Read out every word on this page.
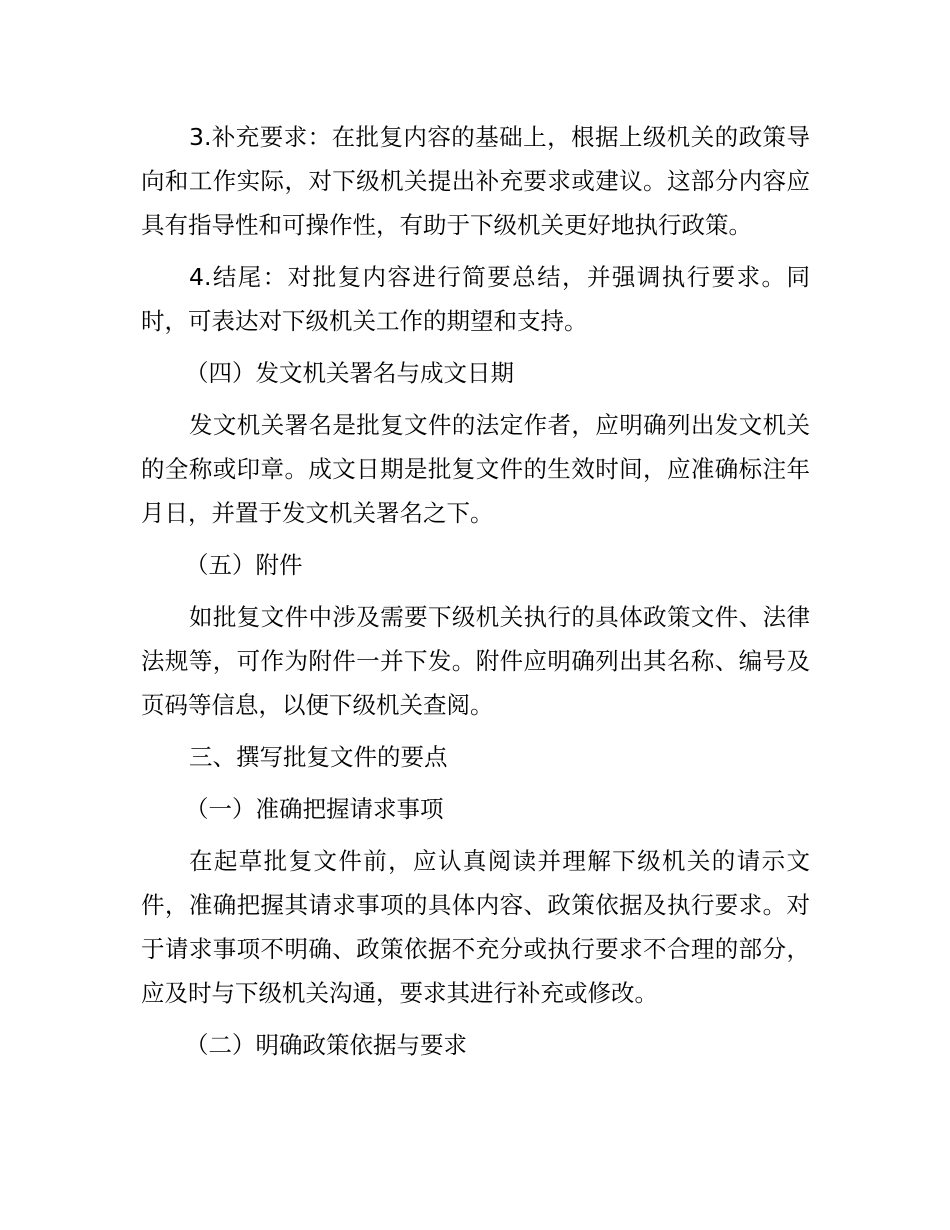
3.补充要求：在批复内容的基础上，根据上级机关的政策导向和工作实际，对下级机关提出补充要求或建议。这部分内容应具有指导性和可操作性，有助于下级机关更好地执行政策。

4.结尾：对批复内容进行简要总结，并强调执行要求。同时，可表达对下级机关工作的期望和支持。

（四）发文机关署名与成文日期

发文机关署名是批复文件的法定作者，应明确列出发文机关的全称或印章。成文日期是批复文件的生效时间，应准确标注年月日，并置于发文机关署名之下。

（五）附件

如批复文件中涉及需要下级机关执行的具体政策文件、法律法规等，可作为附件一并下发。附件应明确列出其名称、编号及页码等信息，以便下级机关查阅。

三、撰写批复文件的要点

（一）准确把握请求事项

在起草批复文件前，应认真阅读并理解下级机关的请示文件，准确把握其请求事项的具体内容、政策依据及执行要求。对于请求事项不明确、政策依据不充分或执行要求不合理的部分，应及时与下级机关沟通，要求其进行补充或修改。

（二）明确政策依据与要求
